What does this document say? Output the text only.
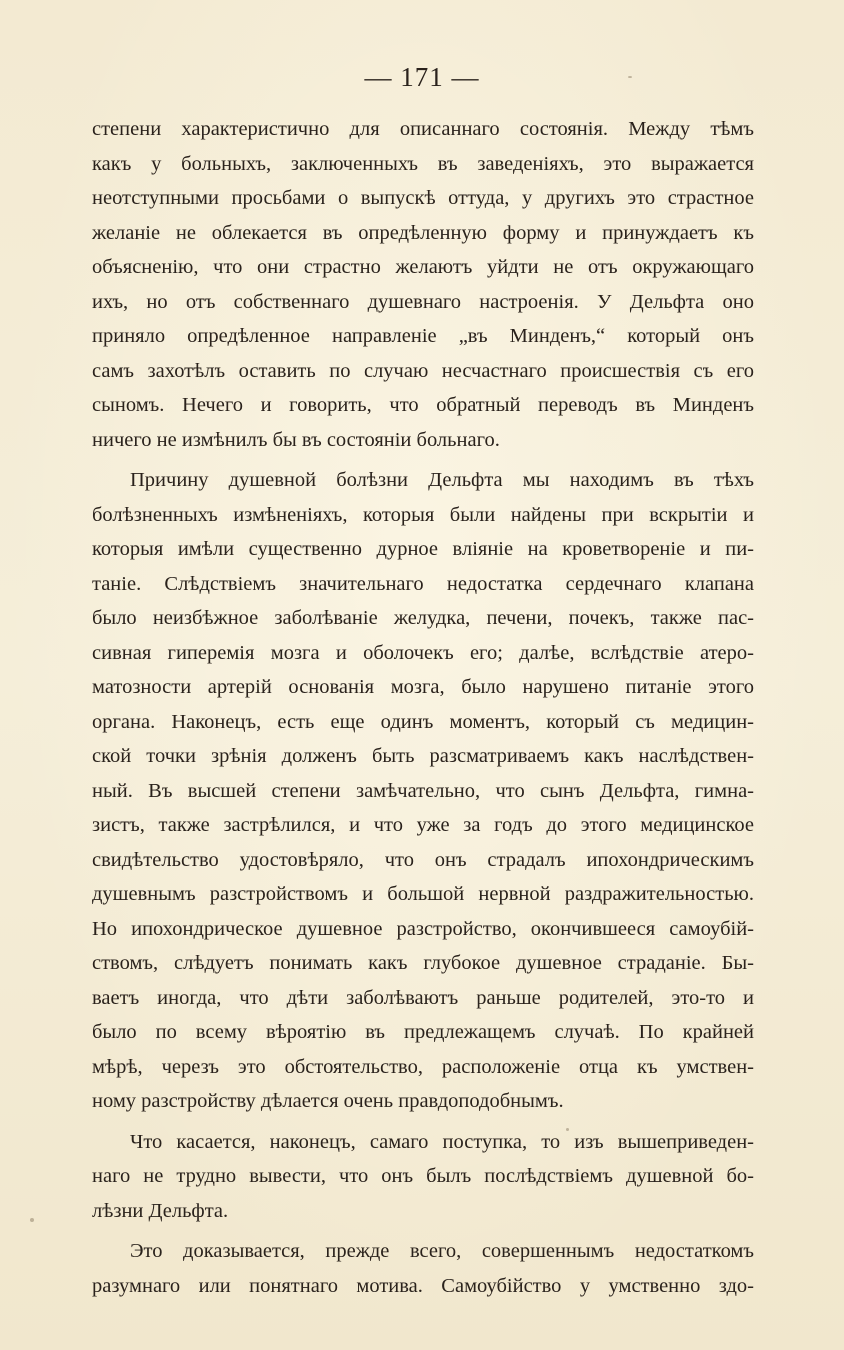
— 171 —
степени характеристично для описаннаго состоянія. Между тѣмъ
какъ у больныхъ, заключенныхъ въ заведеніяхъ, это выражается
неотступными просьбами о выпускѣ оттуда, у другихъ это страстное
желаніе не облекается въ опредѣленную форму и принуждаетъ къ
объясненію, что они страстно желаютъ уйдти не отъ окружающаго
ихъ, но отъ собственнаго душевнаго настроенія. У Дельфта оно
приняло опредѣленное направленіе „въ Минденъ,“ который онъ
самъ захотѣлъ оставить по случаю несчастнаго происшествія съ его
сыномъ. Нечего и говорить, что обратный переводъ въ Минденъ
ничего не измѣнилъ бы въ состояніи больнаго.
Причину душевной болѣзни Дельфта мы находимъ въ тѣхъ
болѣзненныхъ измѣненіяхъ, которыя были найдены при вскрытіи и
которыя имѣли существенно дурное вліяніе на кроветвореніе и пи-
таніе. Слѣдствіемъ значительнаго недостатка сердечнаго клапана
было неизбѣжное заболѣваніе желудка, печени, почекъ, также пас-
сивная гиперемія мозга и оболочекъ его; далѣе, вслѣдствіе атеро-
матозности артерій основанія мозга, было нарушено питаніе этого
органа. Наконецъ, есть еще одинъ моментъ, который съ медицин-
ской точки зрѣнія долженъ быть разсматриваемъ какъ наслѣдствен-
ный. Въ высшей степени замѣчательно, что сынъ Дельфта, гимна-
зистъ, также застрѣлился, и что уже за годъ до этого медицинское
свидѣтельство удостовѣряло, что онъ страдалъ ипохондрическимъ
душевнымъ разстройствомъ и большой нервной раздражительностью.
Но ипохондрическое душевное разстройство, окончившееся самоубій-
ствомъ, слѣдуетъ понимать какъ глубокое душевное страданіе. Бы-
ваетъ иногда, что дѣти заболѣваютъ раньше родителей, это-то и
было по всему вѣроятію въ предлежащемъ случаѣ. По крайней
мѣрѣ, черезъ это обстоятельство, расположеніе отца къ умствен-
ному разстройству дѣлается очень правдоподобнымъ.
Что касается, наконецъ, самаго поступка, то изъ вышеприведен-
наго не трудно вывести, что онъ былъ послѣдствіемъ душевной бо-
лѣзни Дельфта.
Это доказывается, прежде всего, совершеннымъ недостаткомъ
разумнаго или понятнаго мотива. Самоубійство у умственно здо-
